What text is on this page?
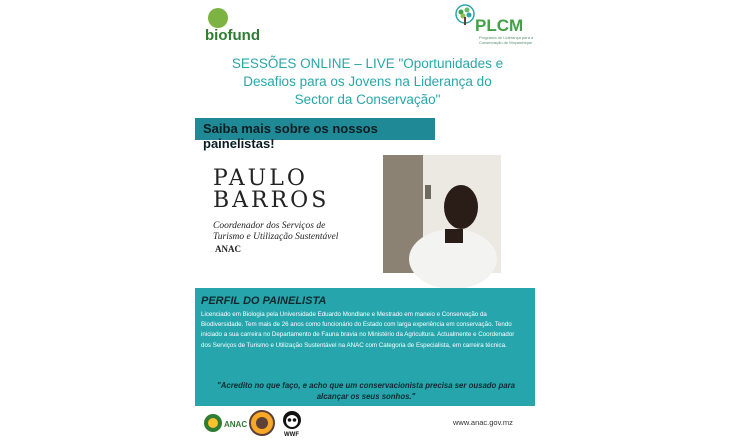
biofund
PLCM
Programa de Liderança para a Conservação de Moçambique
SESSÕES ONLINE – LIVE "Oportunidades e Desafios para os Jovens na Liderança do Sector da Conservação"
Saiba mais sobre os nossos painelistas!
PAULO
BARROS
Coordenador dos Serviços de Turismo e Utilização Sustentável
ANAC
PERFIL DO PAINELISTA
Licenciado em Biologia pela Universidade Eduardo Mondlane e Mestrado em maneio e Conservação da Biodiversidade. Tem mais de 26 anos como funcionário do Estado com larga experiência em conservação. Tendo iniciado a sua carreira no Departamento de Fauna bravia no Ministério da Agricultura. Actualmente e Coordenador dos Serviços de Turismo e Utilização Sustentável na ANAC com Categoria de Especialista, em carreira técnica.
"Acredito no que faço, e acho que um conservacionista precisa ser ousado para alcançar os seus sonhos."
ANAC
WWF
www.anac.gov.mz
